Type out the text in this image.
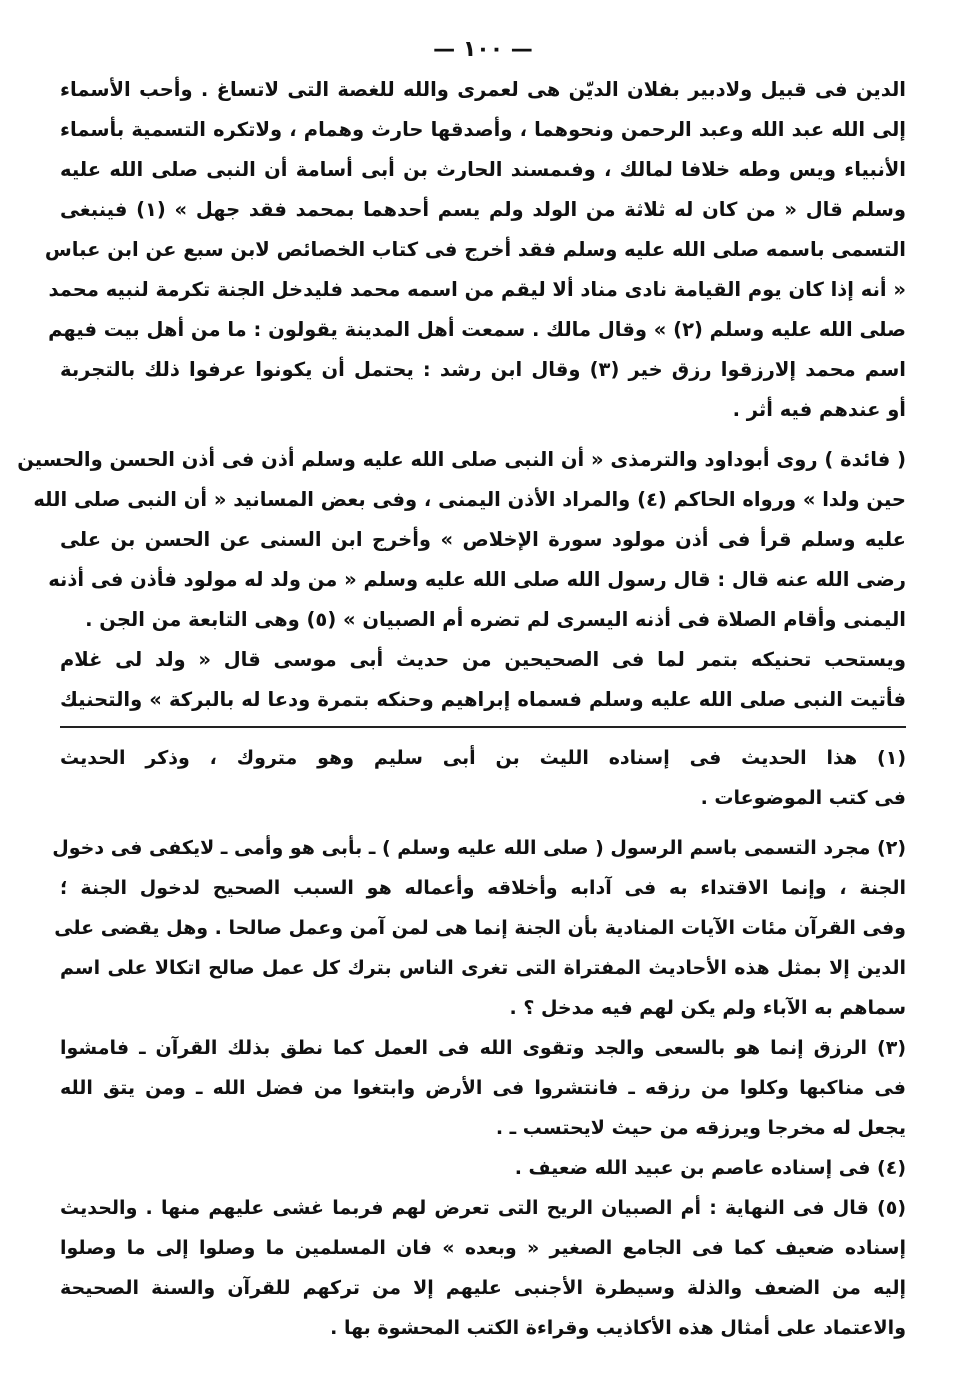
— ١٠٠ —
الدين فى قبيل ولادبير بفلان الديّن هى لعمرى والله للغصة التى لاتساغ . وأحب الأسماء
إلى الله عبد الله وعبد الرحمن ونحوهما ، وأصدقها حارث وهمام ، ولاتكره التسمية بأسماء
الأنبياء ويس وطه خلافا لمالك ، وفىمسند الحارث بن أبى أسامة أن النبى صلى الله عليه
وسلم قال « من كان له ثلاثة من الولد ولم يسم أحدهما بمحمد فقد جهل » (١) فينبغى
التسمى باسمه صلى الله عليه وسلم فقد أخرج فى كتاب الخصائص لابن سبع عن ابن عباس
« أنه إذا كان يوم القيامة نادى مناد ألا ليقم من اسمه محمد فليدخل الجنة تكرمة لنبيه محمد
صلى الله عليه وسلم (٢) » وقال مالك . سمعت أهل المدينة يقولون : ما من أهل بيت فيهم
اسم محمد إلارزقوا رزق خير (٣) وقال ابن رشد : يحتمل أن يكونوا عرفوا ذلك بالتجربة
أو عندهم فيه أثر .
( فائدة ) روى أبوداود والترمذى « أن النبى صلى الله عليه وسلم أذن فى أذن الحسن والحسين
حين ولدا » ورواه الحاكم (٤) والمراد الأذن اليمنى ، وفى بعض المسانيد « أن النبى صلى الله
عليه وسلم قرأ فى أذن مولود سورة الإخلاص » وأخرج ابن السنى عن الحسن بن على
رضى الله عنه قال : قال رسول الله صلى الله عليه وسلم « من ولد له مولود فأذن فى أذنه
اليمنى وأقام الصلاة فى أذنه اليسرى لم تضره أم الصبيان » (٥) وهى التابعة من الجن .
ويستحب تحنيكه بتمر لما فى الصحيحين من حديث أبى موسى قال « ولد لى غلام
فأتيت النبى صلى الله عليه وسلم فسماه إبراهيم وحنكه بتمرة ودعا له بالبركة » والتحنيك
(١) هذا الحديث فى إسناده الليث بن أبى سليم وهو متروك ، وذكر الحديث
فى كتب الموضوعات .
(٢) مجرد التسمى باسم الرسول ( صلى الله عليه وسلم ) ـ بأبى هو وأمى ـ لايكفى فى دخول
الجنة ، وإنما الاقتداء به فى آدابه وأخلاقه وأعماله هو السبب الصحيح لدخول الجنة ؛
وفى القرآن مئات الآيات المنادية بأن الجنة إنما هى لمن آمن وعمل صالحا . وهل يقضى على
الدين إلا بمثل هذه الأحاديث المفتراة التى تغرى الناس بترك كل عمل صالح اتكالا على اسم
سماهم به الآباء ولم يكن لهم فيه مدخل ؟ .
(٣) الرزق إنما هو بالسعى والجد وتقوى الله فى العمل كما نطق بذلك القرآن ـ فامشوا
فى مناكبها وكلوا من رزقه ـ فانتشروا فى الأرض وابتغوا من فضل الله ـ ومن يتق الله
يجعل له مخرجا ويرزقه من حيث لايحتسب ـ .
(٤) فى إسناده عاصم بن عبيد الله ضعيف .
(٥) قال فى النهاية : أم الصبيان الريح التى تعرض لهم فربما غشى عليهم منها . والحديث
إسناده ضعيف كما فى الجامع الصغير « وبعده » فان المسلمين ما وصلوا إلى ما وصلوا
إليه من الضعف والذلة وسيطرة الأجنبى عليهم إلا من تركهم للقرآن والسنة الصحيحة
والاعتماد على أمثال هذه الأكاذيب وقراءة الكتب المحشوة بها .
